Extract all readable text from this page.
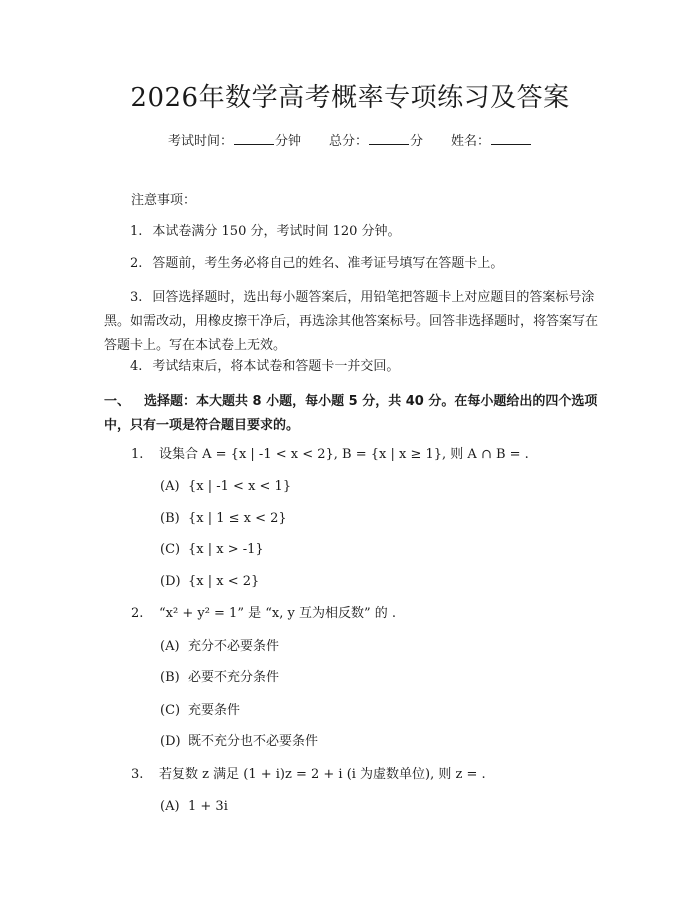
2026年数学高考概率专项练习及答案
考试时间：	分钟 总分：	分 姓名：
注意事项：
1. 本试卷满分 150 分，考试时间 120 分钟。
2. 答题前，考生务必将自己的姓名、准考证号填写在答题卡上。
3. 回答选择题时，选出每小题答案后，用铅笔把答题卡上对应题目的答案标号涂黑。如需改动，用橡皮擦干净后，再选涂其他答案标号。回答非选择题时，将答案写在答题卡上。写在本试卷上无效。
4. 考试结束后，将本试卷和答题卡一并交回。
一、 选择题：本大题共 8 小题，每小题 5 分，共 40 分。在每小题给出的四个选项中，只有一项是符合题目要求的。
1. 设集合 A = {x | -1 < x < 2}, B = {x | x ≥ 1}, 则 A ∩ B = .
(A) {x | -1 < x < 1}
(B) {x | 1 ≤ x < 2}
(C) {x | x > -1}
(D) {x | x < 2}
2. “x² + y² = 1” 是 “x, y 互为相反数” 的 .
(A) 充分不必要条件
(B) 必要不充分条件
(C) 充要条件
(D) 既不充分也不必要条件
3. 若复数 z 满足 (1 + i)z = 2 + i (i 为虚数单位), 则 z = .
(A) 1 + 3i
